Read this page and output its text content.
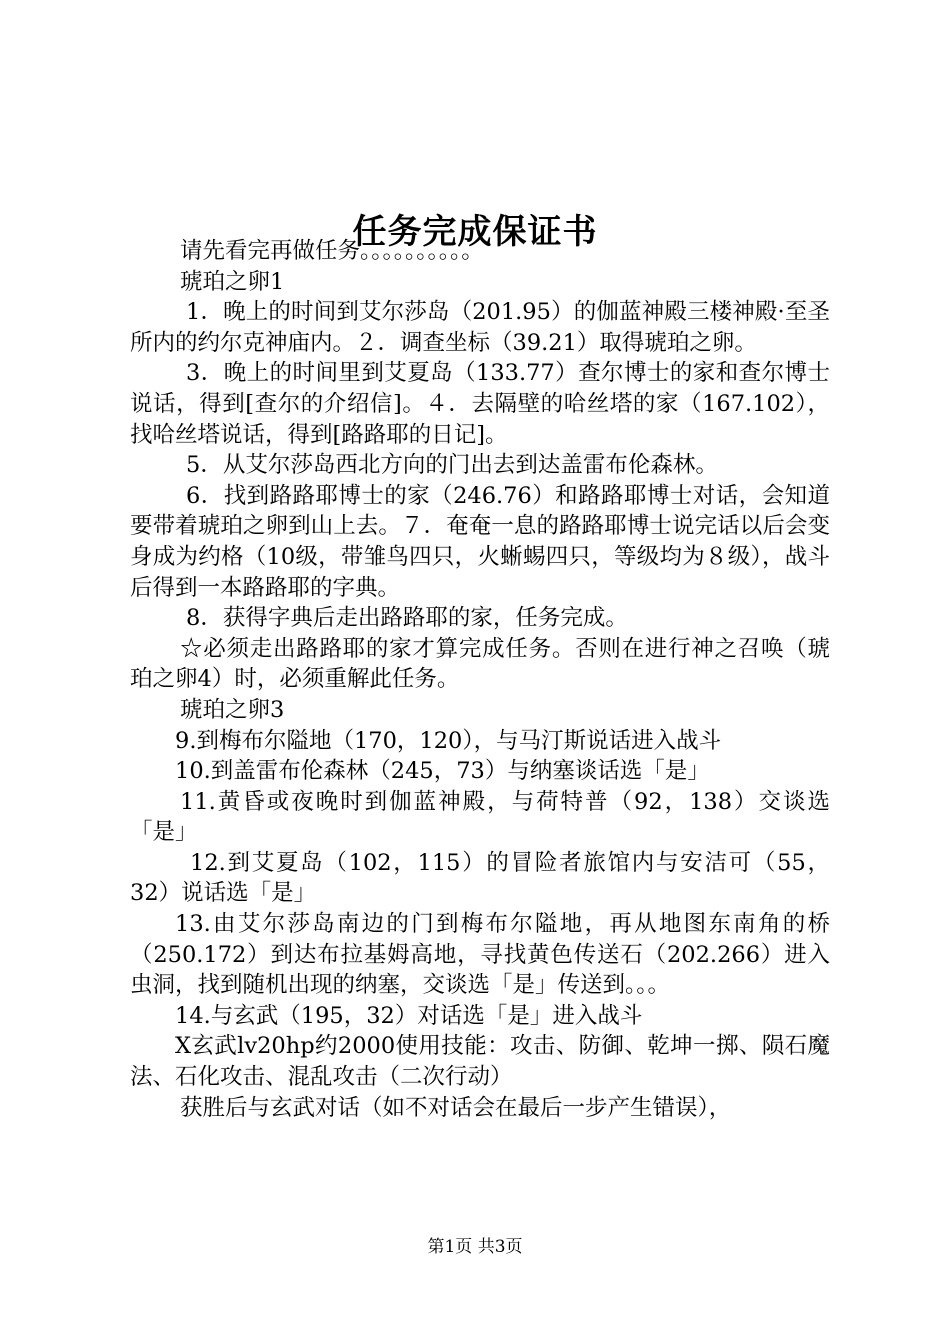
任务完成保证书

请先看完再做任务。。。。。。。。。。

琥珀之卵1

1．晚上的时间到艾尔莎岛（201.95）的伽蓝神殿三楼神殿·至圣所内的约尔克神庙内。２．调查坐标（39.21）取得琥珀之卵。

3．晚上的时间里到艾夏岛（133.77）查尔博士的家和查尔博士说话，得到[查尔的介绍信]。４．去隔壁的哈丝塔的家（167.102），找哈丝塔说话，得到[路路耶的日记]。

5．从艾尔莎岛西北方向的门出去到达盖雷布伦森林。

6．找到路路耶博士的家（246.76）和路路耶博士对话，会知道要带着琥珀之卵到山上去。７．奄奄一息的路路耶博士说完话以后会变身成为约格（10级，带雏鸟四只，火蜥蜴四只，等级均为８级），战斗后得到一本路路耶的字典。

8．获得字典后走出路路耶的家，任务完成。

☆必须走出路路耶的家才算完成任务。否则在进行神之召唤（琥珀之卵4）时，必须重解此任务。

琥珀之卵3

9.到梅布尔隘地（170，120），与马汀斯说话进入战斗

10.到盖雷布伦森林（245，73）与纳塞谈话选「是」

11.黄昏或夜晚时到伽蓝神殿，与荷特普（92，138）交谈选「是」

12.到艾夏岛（102，115）的冒险者旅馆内与安洁可（55，32）说话选「是」

13.由艾尔莎岛南边的门到梅布尔隘地，再从地图东南角的桥（250.172）到达布拉基姆高地，寻找黄色传送石（202.266）进入虫洞，找到随机出现的纳塞，交谈选「是」传送到。。。

14.与玄武（195，32）对话选「是」进入战斗

X玄武lv20hp约2000使用技能：攻击、防御、乾坤一掷、陨石魔法、石化攻击、混乱攻击（二次行动）

获胜后与玄武对话（如不对话会在最后一步产生错误），

第1页 共3页
